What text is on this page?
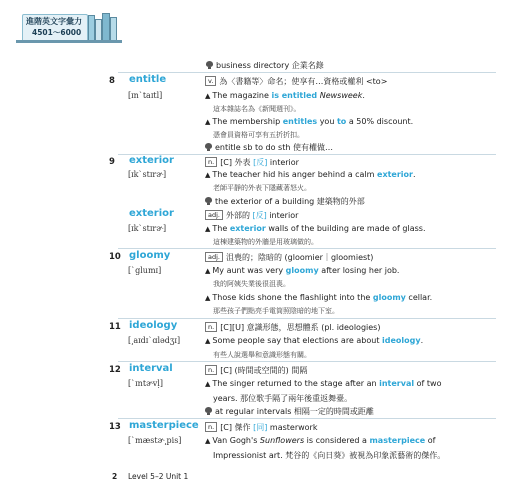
進階英文字彙力
4501～6000
business directory 企業名錄
8 entitle
[ɪnˋtaɪtl]
v. 為〈書籍等〉命名；使享有…資格或權利 <to>
▲ The magazine is entitled Newsweek.
這本雜誌名為《新聞週刊》。
▲ The membership entitles you to a 50% discount.
憑會員資格可享有五折折扣。
entitle sb to do sth 使有權做…
9 exterior
[ɪkˋstɪrɚ]
n. [C] 外表 [反] interior
▲ The teacher hid his anger behind a calm exterior.
老師平靜的外表下隱藏著怒火。
the exterior of a building 建築物的外部
exterior
[ɪkˋstɪrɚ]
adj. 外部的 [反] interior
▲ The exterior walls of the building are made of glass.
這棟建築物的外牆是用玻璃做的。
10 gloomy
[ˋglumɪ]
adj. 沮喪的；陰暗的 (gloomier｜gloomiest)
▲ My aunt was very gloomy after losing her job.
我的阿姨失業後很沮喪。
▲ Those kids shone the flashlight into the gloomy cellar.
那些孩子們點亮手電筒照陰暗的地下室。
11 ideology
[͵aɪdɪˋɑlədʒɪ]
n. [C][U] 意識形態，思想體系 (pl. ideologies)
▲ Some people say that elections are about ideology.
有些人說選舉和意識形態有關。
12 interval
[ˋɪntɚvḷ]
n. [C] (時間或空間的) 間隔
▲ The singer returned to the stage after an interval of two
years. 那位歌手隔了兩年後重返舞臺。
at regular intervals 相隔一定的時間或距離
13 masterpiece
[ˋmæstɚ͵pis]
n. [C] 傑作 [同] masterwork
▲ Van Gogh's Sunflowers is considered a masterpiece of
Impressionist art. 梵谷的《向日葵》被視為印象派藝術的傑作。
2 Level 5–2 Unit 1
